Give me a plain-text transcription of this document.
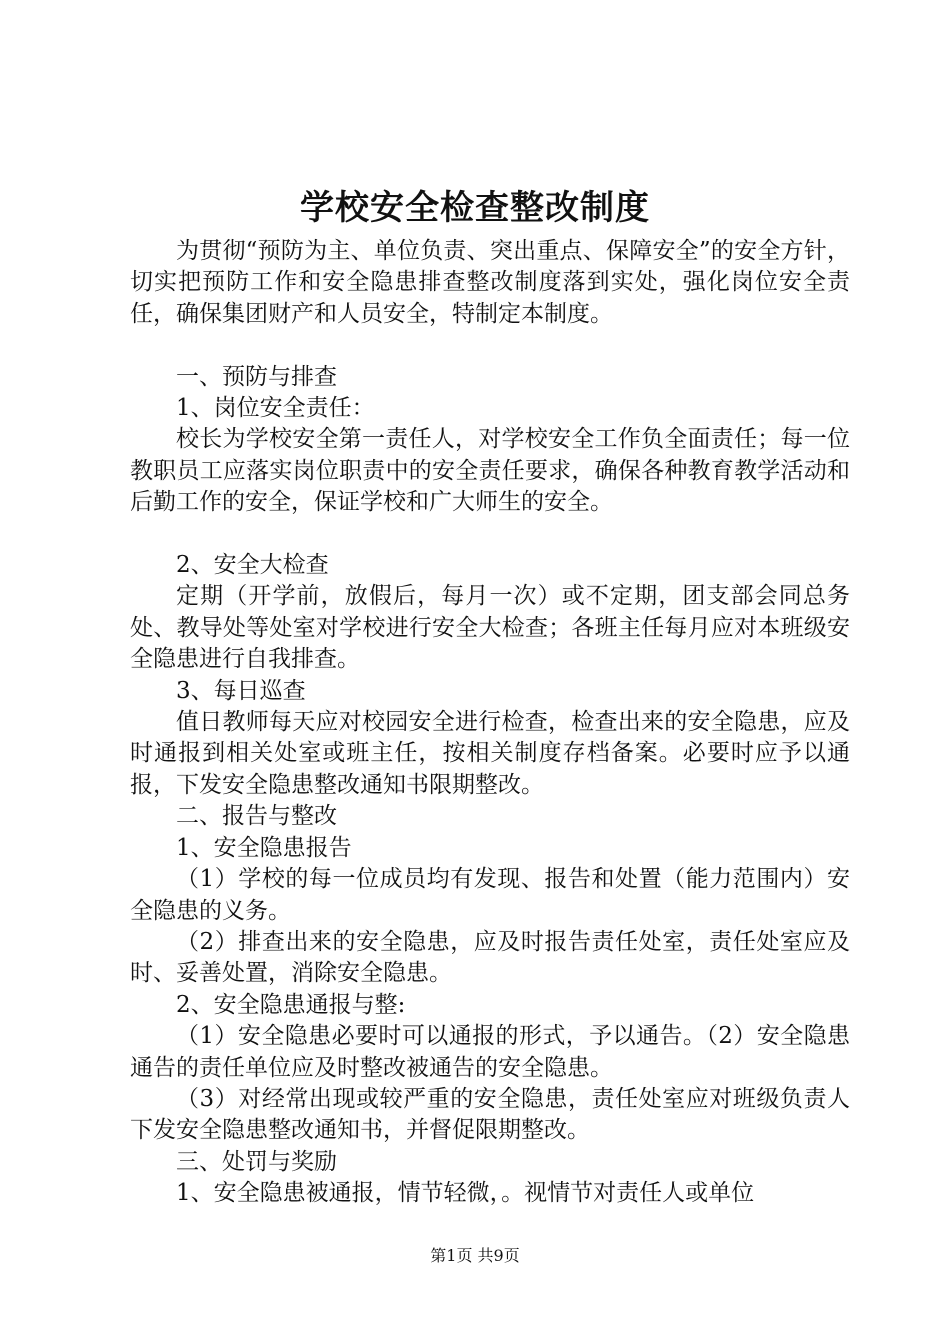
学校安全检查整改制度

为贯彻“预防为主、单位负责、突出重点、保障安全”的安全方针，切实把预防工作和安全隐患排查整改制度落到实处，强化岗位安全责任，确保集团财产和人员安全，特制定本制度。

一、预防与排查

1、岗位安全责任：

校长为学校安全第一责任人，对学校安全工作负全面责任；每一位教职员工应落实岗位职责中的安全责任要求，确保各种教育教学活动和后勤工作的安全，保证学校和广大师生的安全。

2、安全大检查

定期（开学前，放假后，每月一次）或不定期，团支部会同总务处、教导处等处室对学校进行安全大检查；各班主任每月应对本班级安全隐患进行自我排查。

3、每日巡查

值日教师每天应对校园安全进行检查，检查出来的安全隐患，应及时通报到相关处室或班主任，按相关制度存档备案。必要时应予以通报，下发安全隐患整改通知书限期整改。

二、报告与整改

1、安全隐患报告

（1）学校的每一位成员均有发现、报告和处置（能力范围内）安全隐患的义务。

（2）排查出来的安全隐患，应及时报告责任处室，责任处室应及时、妥善处置，消除安全隐患。

2、安全隐患通报与整:

（1）安全隐患必要时可以通报的形式，予以通告。（2）安全隐患通告的责任单位应及时整改被通告的安全隐患。

（3）对经常出现或较严重的安全隐患，责任处室应对班级负责人下发安全隐患整改通知书，并督促限期整改。

三、处罚与奖励

1、安全隐患被通报，情节轻微，。视情节对责任人或单位

第1页 共9页
